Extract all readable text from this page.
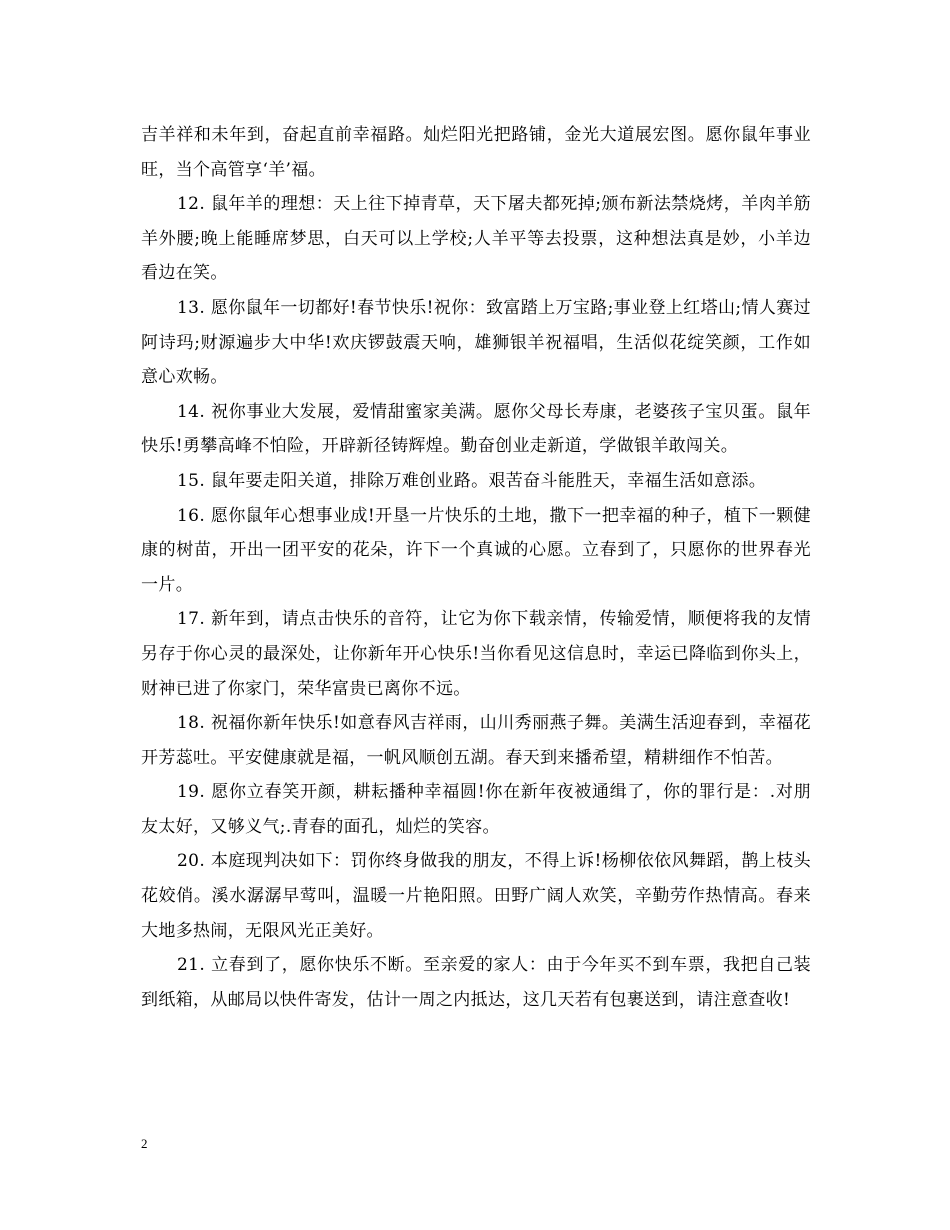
吉羊祥和未年到，奋起直前幸福路。灿烂阳光把路铺，金光大道展宏图。愿你鼠年事业旺，当个高管享‘羊’福。

12. 鼠年羊的理想：天上往下掉青草，天下屠夫都死掉;颁布新法禁烧烤，羊肉羊筋羊外腰;晚上能睡席梦思，白天可以上学校;人羊平等去投票，这种想法真是妙，小羊边看边在笑。

13. 愿你鼠年一切都好!春节快乐!祝你：致富踏上万宝路;事业登上红塔山;情人赛过阿诗玛;财源遍步大中华!欢庆锣鼓震天响，雄狮银羊祝福唱，生活似花绽笑颜，工作如意心欢畅。

14. 祝你事业大发展，爱情甜蜜家美满。愿你父母长寿康，老婆孩子宝贝蛋。鼠年快乐!勇攀高峰不怕险，开辟新径铸辉煌。勤奋创业走新道，学做银羊敢闯关。

15. 鼠年要走阳关道，排除万难创业路。艰苦奋斗能胜天，幸福生活如意添。

16. 愿你鼠年心想事业成!开垦一片快乐的土地，撒下一把幸福的种子，植下一颗健康的树苗，开出一团平安的花朵，许下一个真诚的心愿。立春到了，只愿你的世界春光一片。

17. 新年到，请点击快乐的音符，让它为你下载亲情，传输爱情，顺便将我的友情另存于你心灵的最深处，让你新年开心快乐!当你看见这信息时，幸运已降临到你头上，财神已进了你家门，荣华富贵已离你不远。

18. 祝福你新年快乐!如意春风吉祥雨，山川秀丽燕子舞。美满生活迎春到，幸福花开芳蕊吐。平安健康就是福，一帆风顺创五湖。春天到来播希望，精耕细作不怕苦。

19. 愿你立春笑开颜，耕耘播种幸福圆!你在新年夜被通缉了，你的罪行是：.对朋友太好，又够义气;.青春的面孔，灿烂的笑容。

20. 本庭现判决如下：罚你终身做我的朋友，不得上诉!杨柳依依风舞蹈，鹊上枝头花姣俏。溪水潺潺早莺叫，温暖一片艳阳照。田野广阔人欢笑，辛勤劳作热情高。春来大地多热闹，无限风光正美好。

21. 立春到了，愿你快乐不断。至亲爱的家人：由于今年买不到车票，我把自己装到纸箱，从邮局以快件寄发，估计一周之内抵达，这几天若有包裹送到，请注意查收!

2
